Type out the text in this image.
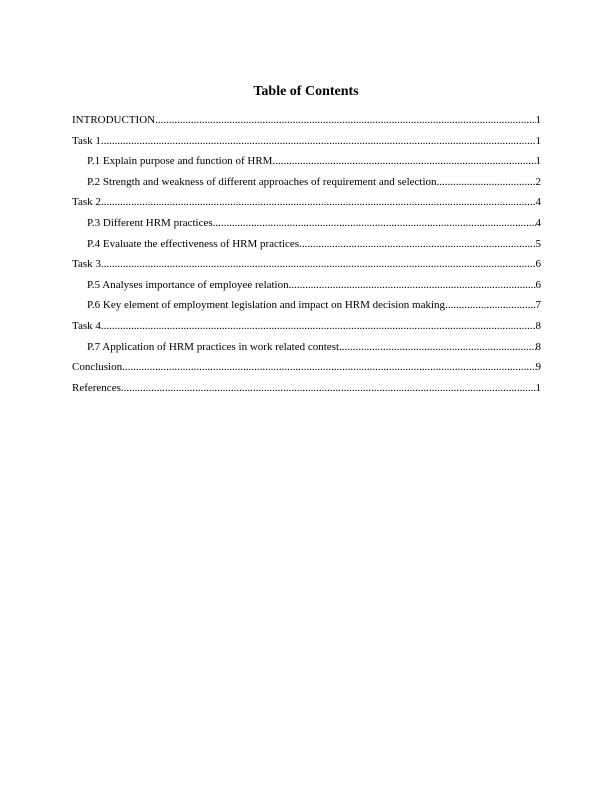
Table of Contents
INTRODUCTION .....	1
Task 1 .....	1
P.1 Explain purpose and function of HRM .....	1
P.2 Strength and weakness of different approaches of requirement and selection .....	2
Task 2 .....	4
P.3 Different HRM practices .....	4
P.4 Evaluate the effectiveness of HRM practices .....	5
Task 3 .....	6
P.5 Analyses importance of employee relation .....	6
P.6 Key element of employment legislation and impact on HRM decision making .....	7
Task 4 .....	8
P.7 Application of HRM practices in work related contest .....	8
Conclusion .....	9
References .....	1
